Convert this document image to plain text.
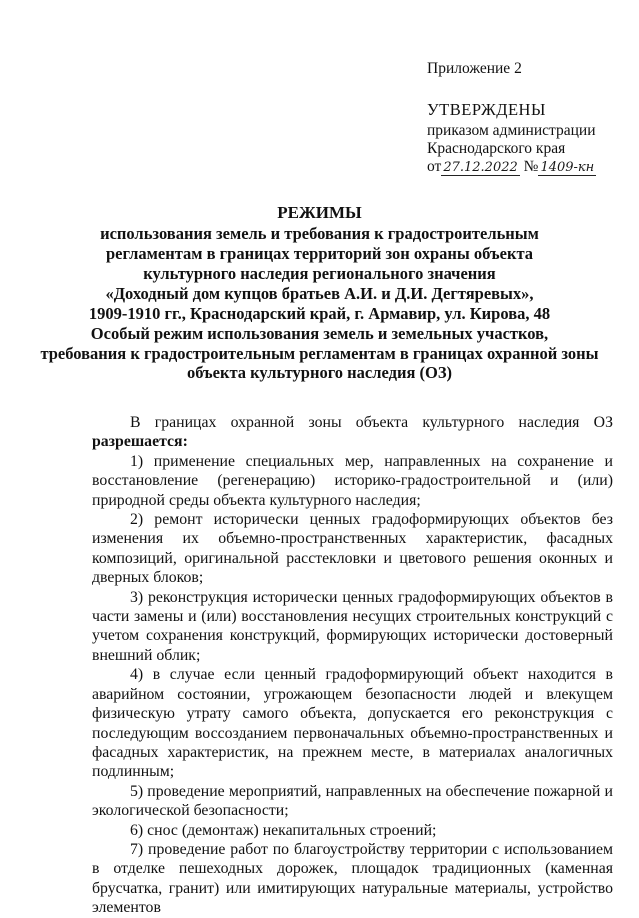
Приложение 2
УТВЕРЖДЕНЫ
приказом администрации
Краснодарского края
от 27.12.2022 № 1409-кн
РЕЖИМЫ
использования земель и требования к градостроительным
регламентам в границах территорий зон охраны объекта
культурного наследия регионального значения
«Доходный дом купцов братьев А.И. и Д.И. Дегтяревых»,
1909-1910 гг., Краснодарский край, г. Армавир, ул. Кирова, 48
Особый режим использования земель и земельных участков,
требования к градостроительным регламентам в границах охранной зоны
объекта культурного наследия (ОЗ)

В границах охранной зоны объекта культурного наследия ОЗ

разрешается:

1) применение специальных мер, направленных на сохранение и восстановление (регенерацию) историко-градостроительной и (или) природной среды объекта культурного наследия;

2) ремонт исторически ценных градоформирующих объектов без изменения их объемно-пространственных характеристик, фасадных композиций, оригинальной расстекловки и цветового решения оконных и дверных блоков;

3) реконструкция исторически ценных градоформирующих объектов в части замены и (или) восстановления несущих строительных конструкций с учетом сохранения конструкций, формирующих исторически достоверный внешний облик;

4) в случае если ценный градоформирующий объект находится в аварийном состоянии, угрожающем безопасности людей и влекущем физическую утрату самого объекта, допускается его реконструкция с последующим воссозданием первоначальных объемно-пространственных и фасадных характеристик, на прежнем месте, в материалах аналогичных подлинным;

5) проведение мероприятий, направленных на обеспечение пожарной и экологической безопасности;

6) снос (демонтаж) некапитальных строений;

7) проведение работ по благоустройству территории с использованием в отделке пешеходных дорожек, площадок традиционных (каменная брусчатка, гранит) или имитирующих натуральные материалы, устройство элементов
